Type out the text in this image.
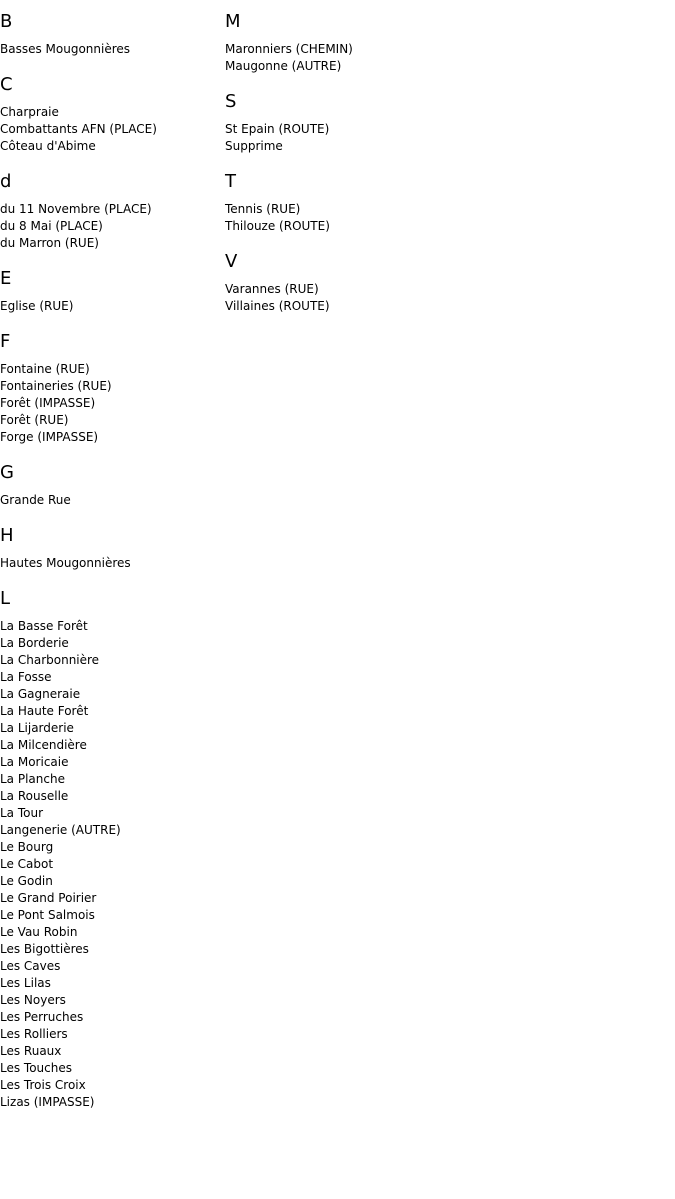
B
Basses Mougonnières
C
Charpraie
Combattants AFN (PLACE)
Côteau d'Abime
d
du 11 Novembre (PLACE)
du 8 Mai (PLACE)
du Marron (RUE)
E
Eglise (RUE)
F
Fontaine (RUE)
Fontaineries (RUE)
Forêt (IMPASSE)
Forêt (RUE)
Forge (IMPASSE)
G
Grande Rue
H
Hautes Mougonnières
L
La Basse Forêt
La Borderie
La Charbonnière
La Fosse
La Gagneraie
La Haute Forêt
La Lijarderie
La Milcendière
La Moricaie
La Planche
La Rouselle
La Tour
Langenerie (AUTRE)
Le Bourg
Le Cabot
Le Godin
Le Grand Poirier
Le Pont Salmois
Le Vau Robin
Les Bigottières
Les Caves
Les Lilas
Les Noyers
Les Perruches
Les Rolliers
Les Ruaux
Les Touches
Les Trois Croix
Lizas (IMPASSE)
M
Maronniers (CHEMIN)
Maugonne (AUTRE)
S
St Epain (ROUTE)
Supprime
T
Tennis (RUE)
Thilouze (ROUTE)
V
Varannes (RUE)
Villaines (ROUTE)
